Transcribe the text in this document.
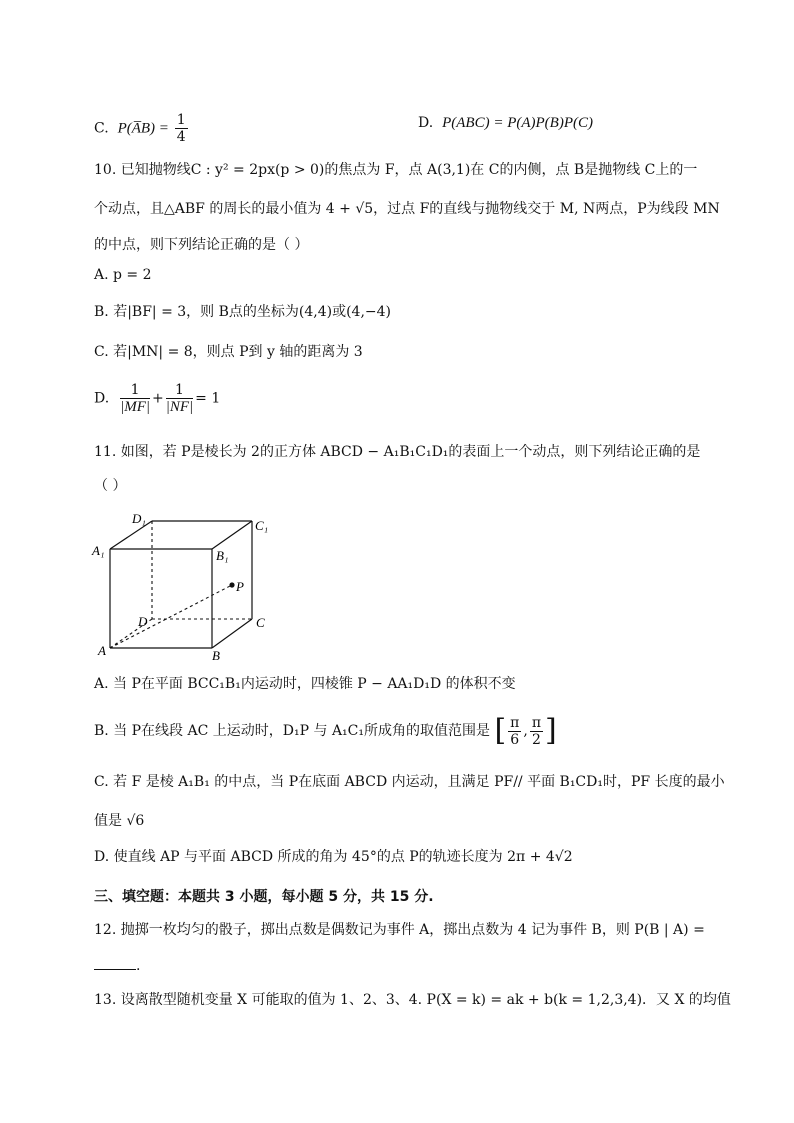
C. P(A̅B) = $\frac{1}{4}$	D. P(ABC) = P(A)P(B)P(C)
10. 已知抛物线C : y² = 2px(p > 0)的焦点为 F，点 A(3,1)在 C的内侧，点 B是抛物线 C上的一
个动点，且△ABF 的周长的最小值为 4 + √5，过点 F的直线与抛物线交于 M, N两点，P为线段 MN
的中点，则下列结论正确的是（ ）
A. p = 2
B. 若|BF| = 3，则 B点的坐标为(4,4)或(4,−4)
C. 若|MN| = 8，则点 P到 y 轴的距离为 3
D. $\frac{1}{|MF|} + \frac{1}{|NF|} = 1$
11. 如图，若 P是棱长为 2的正方体 ABCD − A₁B₁C₁D₁的表面上一个动点，则下列结论正确的是
（ ）
D₁	C₁
A₁	B₁
P
D	C
A	B
A. 当 P在平面 BCC₁B₁内运动时，四棱锥 P − AA₁D₁D 的体积不变
B. 当 P在线段 AC 上运动时，D₁P 与 A₁C₁所成角的取值范围是 [ $\frac{\pi}{6}$ , $\frac{\pi}{2}$ ]
C. 若 F 是棱 A₁B₁ 的中点，当 P在底面 ABCD 内运动，且满足 PF// 平面 B₁CD₁时，PF 长度的最小
值是 √6
D. 使直线 AP 与平面 ABCD 所成的角为 45°的点 P的轨迹长度为 2π + 4√2
三、填空题：本题共 3 小题，每小题 5 分，共 15 分.
12. 抛掷一枚均匀的骰子，掷出点数是偶数记为事件 A，掷出点数为 4 记为事件 B，则 P(B | A) =
.
13. 设离散型随机变量 X 可能取的值为 1、2、3、4. P(X = k) = ak + b(k = 1,2,3,4)．又 X 的均值
